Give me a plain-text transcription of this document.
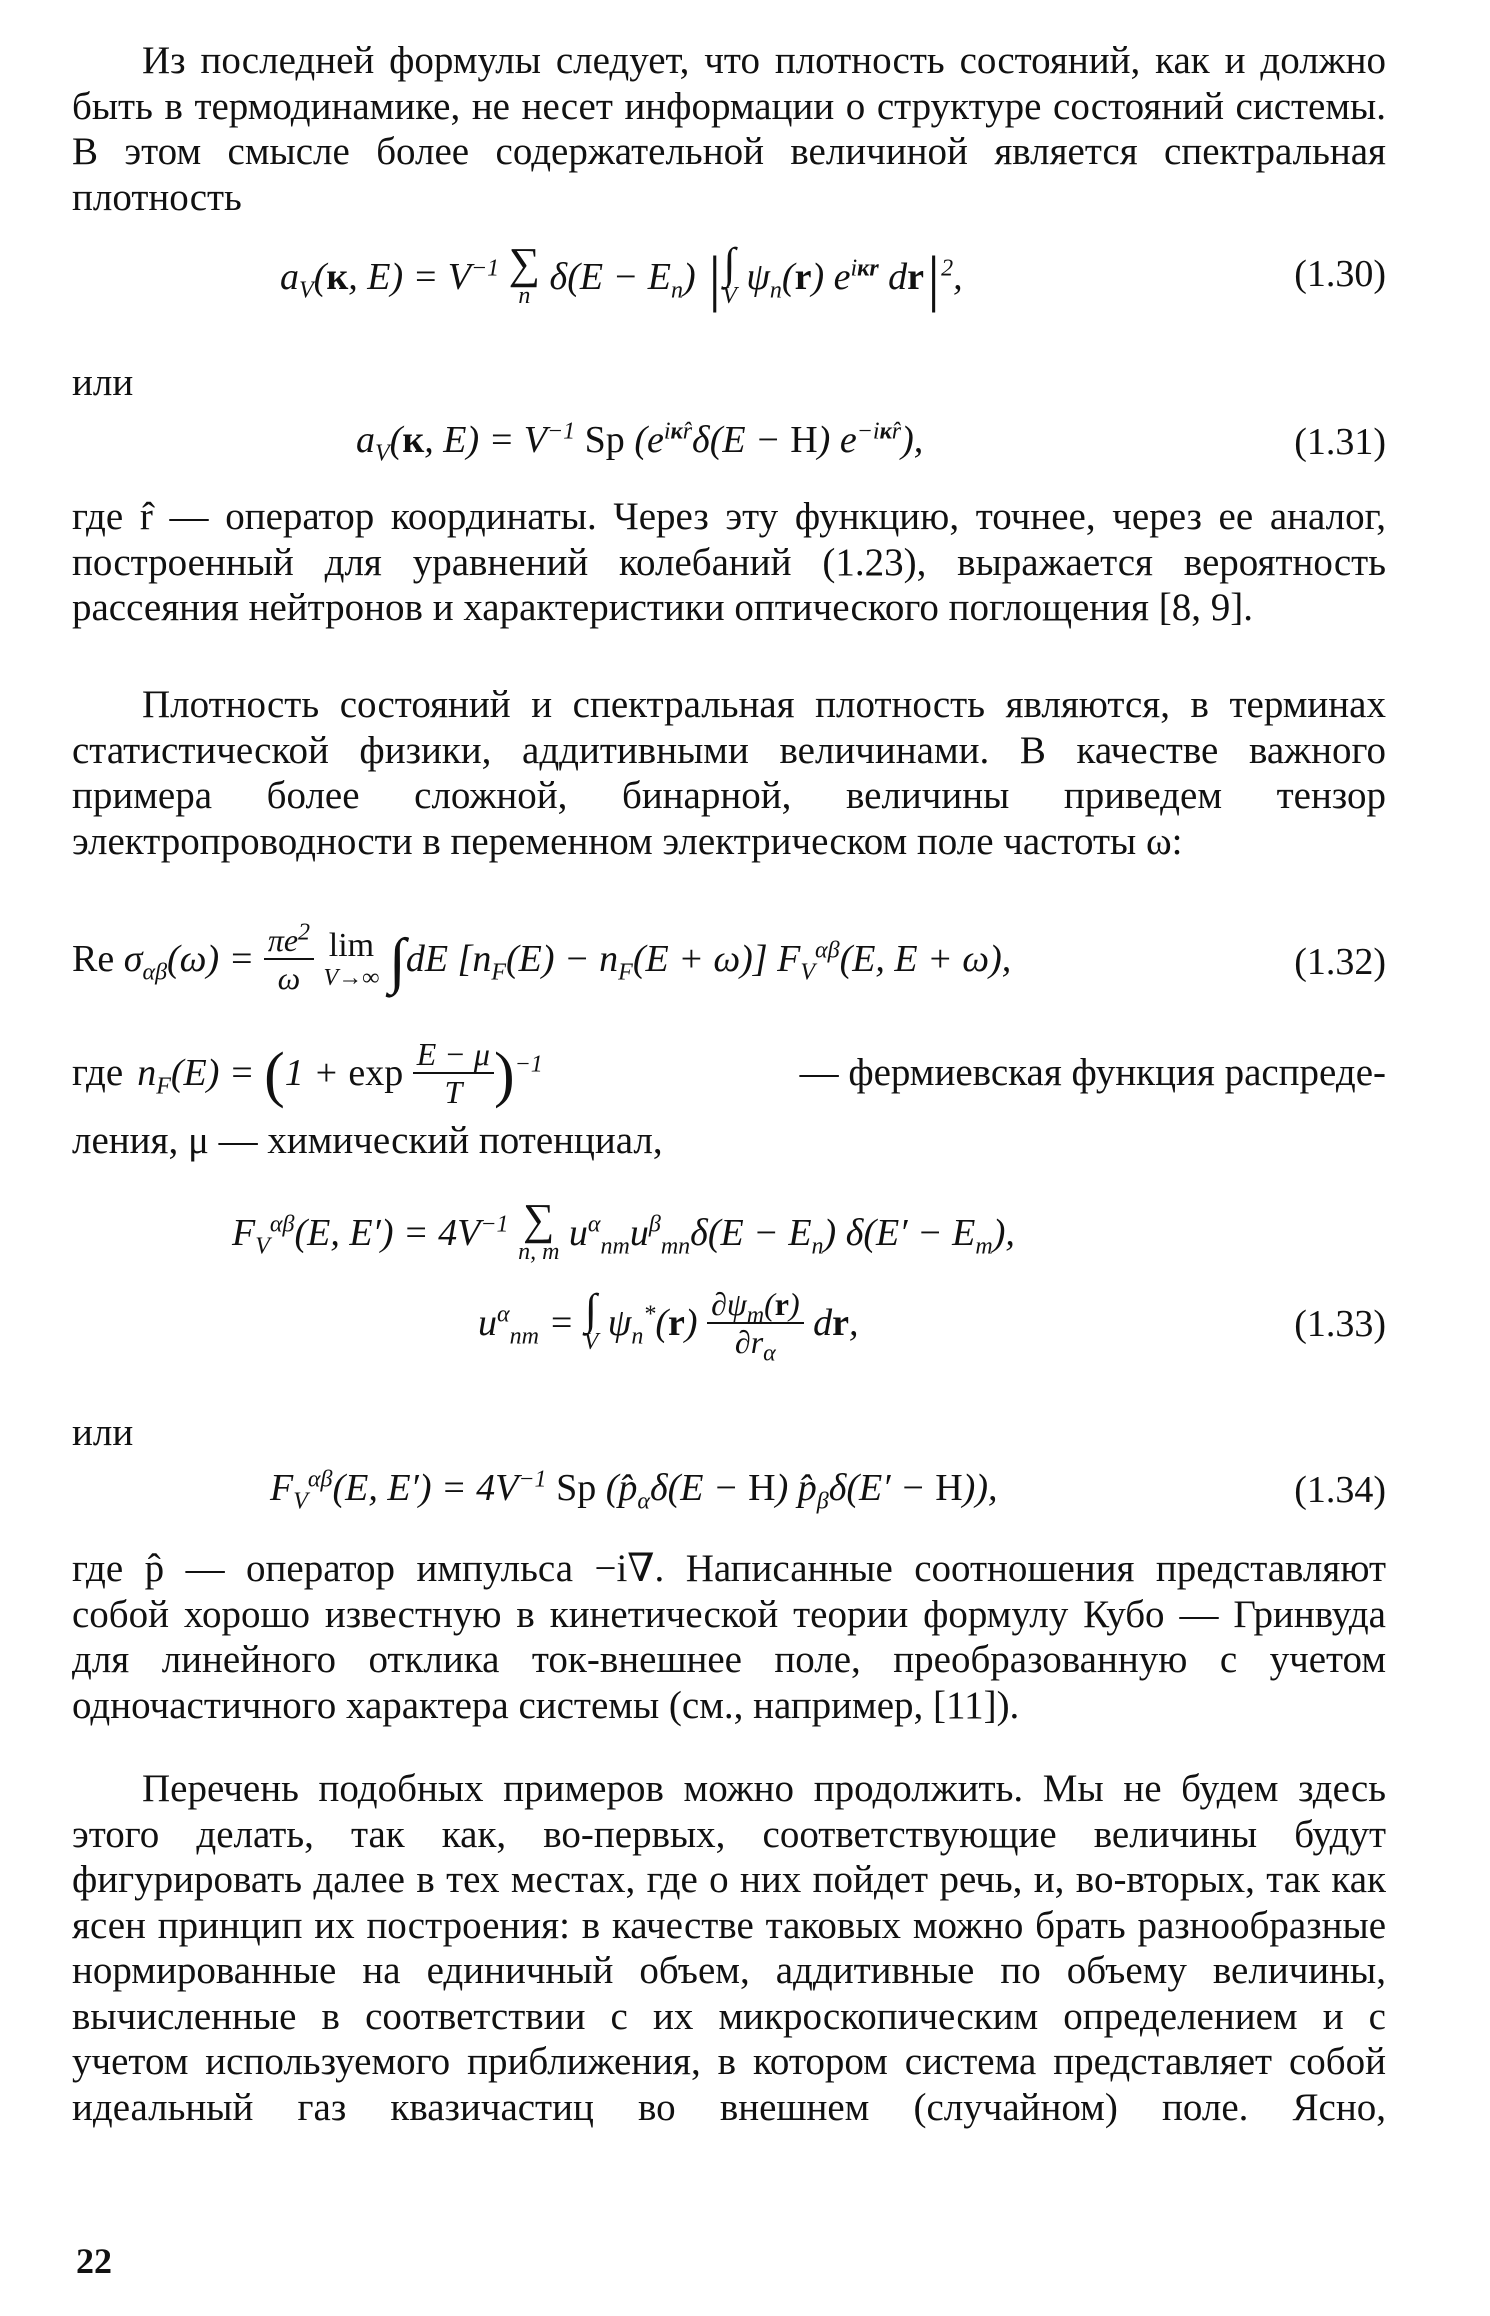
Из последней формулы следует, что плотность состояний, как и должно быть в термодинамике, не несет информации о структуре состояний системы. В этом смысле более содержательной величиной является спектральная плотность

$a_V(к$, $E) = V^{-1}$ ∑
n $\delta(E - E_n)$ | ∫
V $\psi_n(r)$ $e^{iкr}$ $dr|^2$,	(1.30)
или
$a_V(к$, $E) = V^{-1}$ Sp ($e^{iкr̂}\delta(E - H)$ $e^{-iкr̂}$),	(1.31)

где r̂ — оператор координаты. Через эту функцию, точнее, через ее аналог, построенный для уравнений колебаний (1.23), выражается вероятность рассеяния нейтронов и характеристики оптического поглощения [8, 9].

Плотность состояний и спектральная плотность являются, в терминах статистической физики, аддитивными величинами. В качестве важного примера более сложной, бинарной, величины приведем тензор электропроводности в переменном электрическом поле частоты ω:

Re $\sigma_{\alpha\beta}(\omega) = \frac{\pi e^2}{\omega}$
lim
V→∞ ∫dE $[n_F(E) - n_F(E + \omega)]$ $F_V^{\alpha\beta}(E$, E + ω),	(1.32)
где $n_F(E) = (1 + \exp \frac{E - \mu}{T} )^{-1}$	— фермиевская функция распреде-
ления, μ — химический потенциал,
$F_V^{\alpha\beta}(E$, $E') = 4V^{-1}$ ∑
n, m $u^\alpha_{nm}u^\beta_{mn}\delta(E - E_n) \delta(E' - E_m)$,
$u^\alpha_{nm}$ = ∫
V $\psi_n^*(r) \frac{\partial\psi_m(r)}{\partial r_\alpha}$ dr,	(1.33)
или
$F_V^{\alpha\beta}(E$, $E') = 4V^{-1}$ Sp ($p̂_\alpha\delta(E - H)$ $p̂_\beta\delta(E' - H)$),	(1.34)

где p̂ — оператор импульса −i∇. Написанные соотношения представляют собой хорошо известную в кинетической теории формулу Кубо — Гринвуда для линейного отклика ток-внешнее поле, преобразованную с учетом одночастичного характера системы (см., например, [11]).

Перечень подобных примеров можно продолжить. Мы не будем здесь этого делать, так как, во-первых, соответствующие величины будут фигурировать далее в тех местах, где о них пойдет речь, и, во-вторых, так как ясен принцип их построения: в качестве таковых можно брать разнообразные нормированные на единичный объем, аддитивные по объему величины, вычисленные в соответствии с их микроскопическим определением и с учетом используемого приближения, в котором система представляет собой идеальный газ квазичастиц во внешнем (случайном) поле. Ясно,

22
